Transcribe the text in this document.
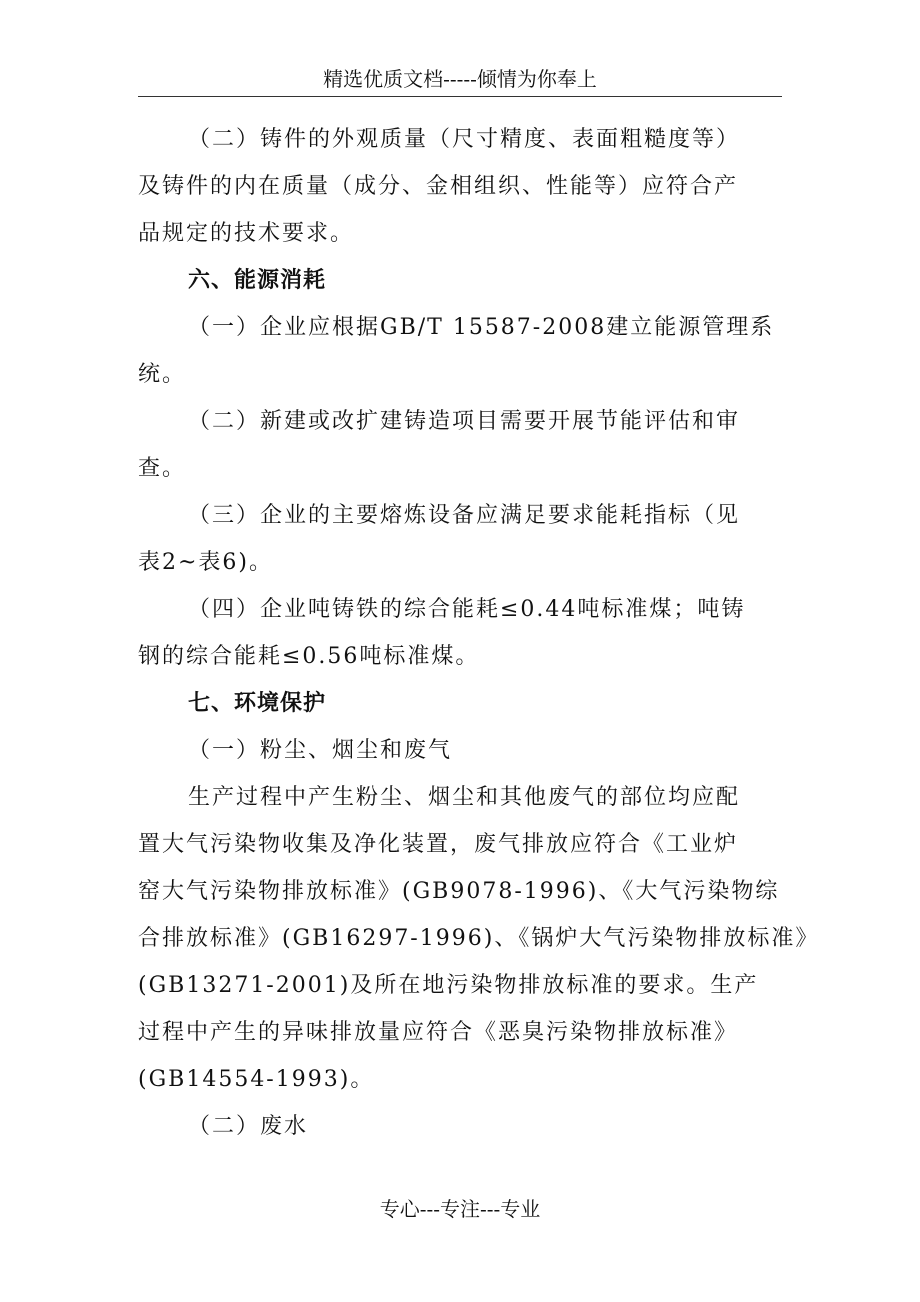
精选优质文档-----倾情为你奉上
（二）铸件的外观质量（尺寸精度、表面粗糙度等）
及铸件的内在质量（成分、金相组织、性能等）应符合产
品规定的技术要求。
六、能源消耗
（一）企业应根据GB/T 15587-2008建立能源管理系
统。
（二）新建或改扩建铸造项目需要开展节能评估和审
查。
（三）企业的主要熔炼设备应满足要求能耗指标（见
表2~表6)。
（四）企业吨铸铁的综合能耗≤0.44吨标准煤；吨铸
钢的综合能耗≤0.56吨标准煤。
七、环境保护
（一）粉尘、烟尘和废气
生产过程中产生粉尘、烟尘和其他废气的部位均应配
置大气污染物收集及净化装置，废气排放应符合《工业炉
窑大气污染物排放标准》(GB9078-1996)、《大气污染物综
合排放标准》(GB16297-1996)、《锅炉大气污染物排放标准》
(GB13271-2001)及所在地污染物排放标准的要求。生产
过程中产生的异味排放量应符合《恶臭污染物排放标准》
(GB14554-1993)。
（二）废水
专心---专注---专业
